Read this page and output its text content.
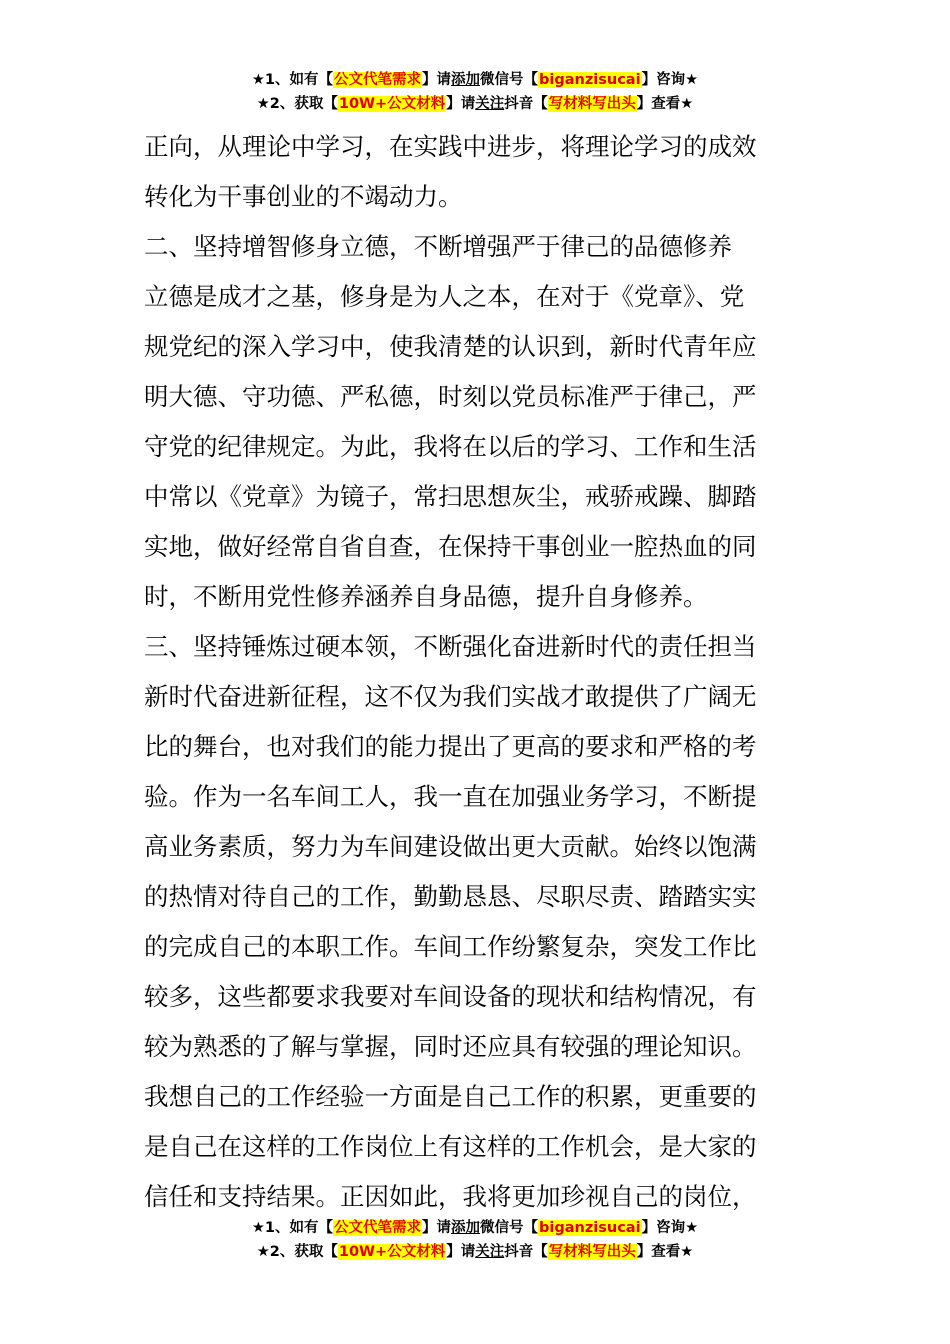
★1、如有【公文代笔需求】请添加微信号【biganzisucai】咨询★
★2、获取【10W+公文材料】请关注抖音【写材料写出头】查看★

正向，从理论中学习，在实践中进步，将理论学习的成效

转化为干事创业的不竭动力。

二、坚持增智修身立德，不断增强严于律己的品德修养

立德是成才之基，修身是为人之本，在对于《党章》、党

规党纪的深入学习中，使我清楚的认识到，新时代青年应

明大德、守功德、严私德，时刻以党员标准严于律己，严

守党的纪律规定。为此，我将在以后的学习、工作和生活

中常以《党章》为镜子，常扫思想灰尘，戒骄戒躁、脚踏

实地，做好经常自省自查，在保持干事创业一腔热血的同

时，不断用党性修养涵养自身品德，提升自身修养。

三、坚持锤炼过硬本领，不断强化奋进新时代的责任担当

新时代奋进新征程，这不仅为我们实战才敢提供了广阔无

比的舞台，也对我们的能力提出了更高的要求和严格的考

验。作为一名车间工人，我一直在加强业务学习，不断提

高业务素质，努力为车间建设做出更大贡献。始终以饱满

的热情对待自己的工作，勤勤恳恳、尽职尽责、踏踏实实

的完成自己的本职工作。车间工作纷繁复杂，突发工作比

较多，这些都要求我要对车间设备的现状和结构情况，有

较为熟悉的了解与掌握，同时还应具有较强的理论知识。

我想自己的工作经验一方面是自己工作的积累，更重要的

是自己在这样的工作岗位上有这样的工作机会，是大家的

信任和支持结果。正因如此，我将更加珍视自己的岗位，

★1、如有【公文代笔需求】请添加微信号【biganzisucai】咨询★
★2、获取【10W+公文材料】请关注抖音【写材料写出头】查看★
